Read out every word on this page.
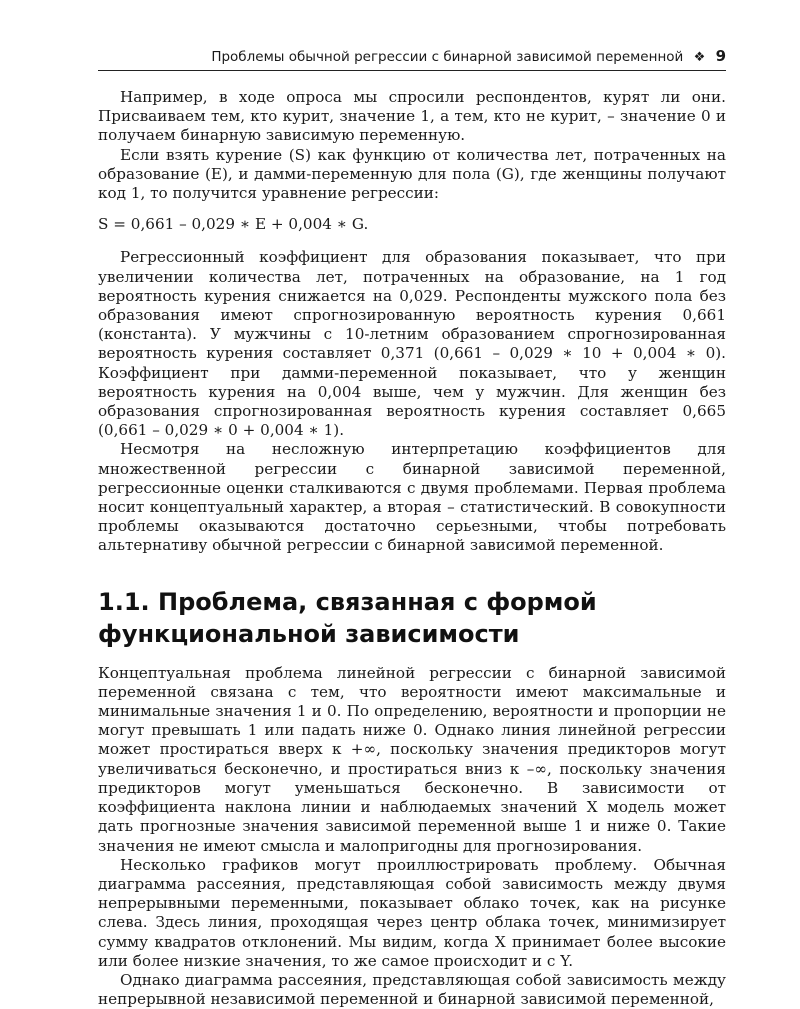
Проблемы обычной регрессии с бинарной зависимой переменной ❖ 9

Например, в ходе опроса мы спросили респондентов, курят ли они. Присваиваем тем, кто курит, значение 1, а тем, кто не курит, – значение 0 и получаем бинарную зависимую переменную.

Если взять курение (S) как функцию от количества лет, потраченных на образование (E), и дамми-переменную для пола (G), где женщины получают код 1, то получится уравнение регрессии:

S = 0,661 – 0,029 ∗ E + 0,004 ∗ G.

Регрессионный коэффициент для образования показывает, что при увеличении количества лет, потраченных на образование, на 1 год вероятность курения снижается на 0,029. Респонденты мужского пола без образования имеют спрогнозированную вероятность курения 0,661 (константа). У мужчины с 10-летним образованием спрогнозированная вероятность курения составляет 0,371 (0,661 – 0,029 ∗ 10 + 0,004 ∗ 0). Коэффициент при дамми-переменной показывает, что у женщин вероятность курения на 0,004 выше, чем у мужчин. Для женщин без образования спрогнозированная вероятность курения составляет 0,665 (0,661 – 0,029 ∗ 0 + 0,004 ∗ 1).

Несмотря на несложную интерпретацию коэффициентов для множественной регрессии с бинарной зависимой переменной, регрессионные оценки сталкиваются с двумя проблемами. Первая проблема носит концептуальный характер, а вторая – статистический. В совокупности проблемы оказываются достаточно серьезными, чтобы потребовать альтернативу обычной регрессии с бинарной зависимой переменной.

1.1. Проблема, связанная с формой
функциональной зависимости

Концептуальная проблема линейной регрессии с бинарной зависимой переменной связана с тем, что вероятности имеют максимальные и минимальные значения 1 и 0. По определению, вероятности и пропорции не могут превышать 1 или падать ниже 0. Однако линия линейной регрессии может простираться вверх к +∞, поскольку значения предикторов могут увеличиваться бесконечно, и простираться вниз к –∞, поскольку значения предикторов могут уменьшаться бесконечно. В зависимости от коэффициента наклона линии и наблюдаемых значений X модель может дать прогнозные значения зависимой переменной выше 1 и ниже 0. Такие значения не имеют смысла и малопригодны для прогнозирования.

Несколько графиков могут проиллюстрировать проблему. Обычная диаграмма рассеяния, представляющая собой зависимость между двумя непрерывными переменными, показывает облако точек, как на рисунке слева. Здесь линия, проходящая через центр облака точек, минимизирует сумму квадратов отклонений. Мы видим, когда X принимает более высокие или более низкие значения, то же самое происходит и с Y.

Однако диаграмма рассеяния, представляющая собой зависимость между непрерывной независимой переменной и бинарной зависимой переменной,
